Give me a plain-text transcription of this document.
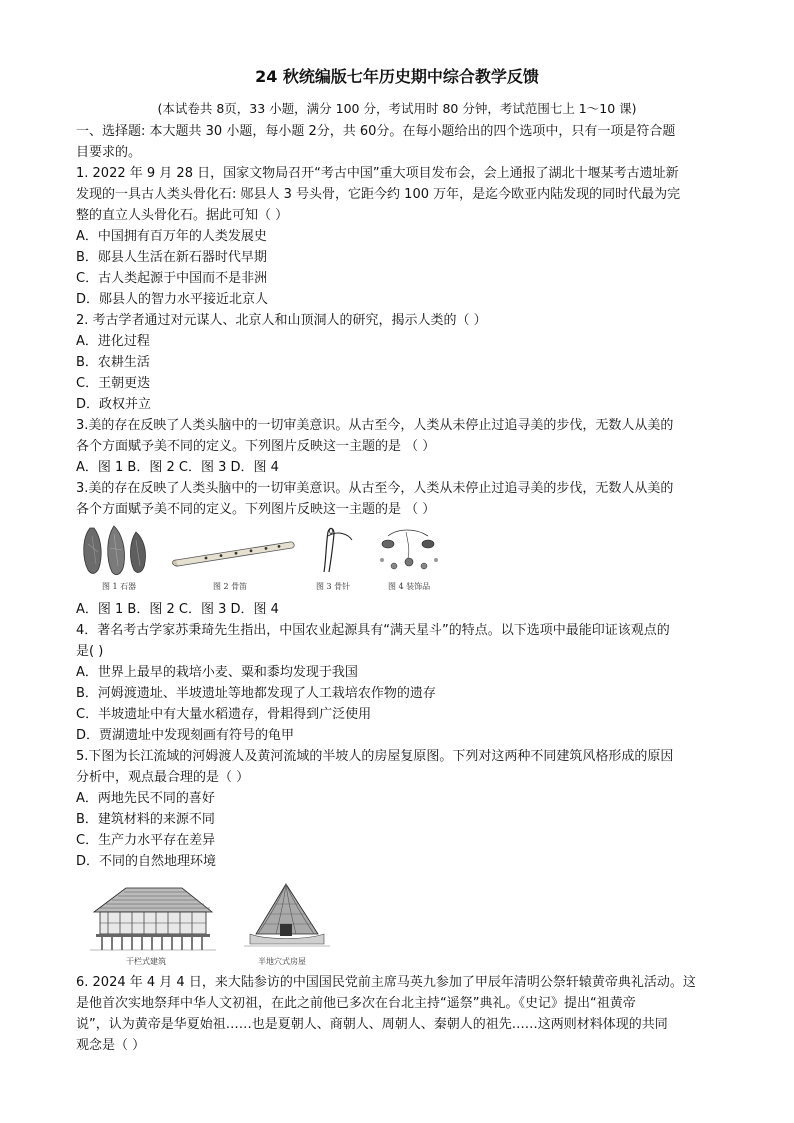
24 秋统编版七年历史期中综合教学反馈
(本试卷共 8页，33 小题，满分 100 分，考试用时 80 分钟，考试范围七上 1～10 课)
一、选择题: 本大题共 30 小题，每小题 2分，共 60分。在每小题给出的四个选项中，只有一项是符合题
目要求的。
1. 2022 年 9 月 28 日，国家文物局召开“考古中国”重大项目发布会，会上通报了湖北十堰某考古遗址新
发现的一具古人类头骨化石: 郧县人 3 号头骨，它距今约 100 万年，是迄今欧亚内陆发现的同时代最为完
整的直立人头骨化石。据此可知（ ）
A．中国拥有百万年的人类发展史
B．郧县人生活在新石器时代早期
C．古人类起源于中国而不是非洲
D．郧县人的智力水平接近北京人
2. 考古学者通过对元谋人、北京人和山顶洞人的研究，揭示人类的（ ）
A．进化过程
B．农耕生活
C．王朝更迭
D．政权并立
3.美的存在反映了人类头脑中的一切审美意识。从古至今，人类从未停止过追寻美的步伐，无数人从美的
各个方面赋予美不同的定义。下列图片反映这一主题的是 （ ）
A．图 1 B．图 2 C．图 3 D．图 4
3.美的存在反映了人类头脑中的一切审美意识。从古至今，人类从未停止过追寻美的步伐，无数人从美的
各个方面赋予美不同的定义。下列图片反映这一主题的是 （ ）
图 1 石器	图 2 骨笛	图 3 骨针	图 4 装饰品
A．图 1 B．图 2 C．图 3 D．图 4
4．著名考古学家苏秉琦先生指出，中国农业起源具有“满天星斗”的特点。以下选项中最能印证该观点的
是( )
A．世界上最早的栽培小麦、粟和黍均发现于我国
B．河姆渡遗址、半坡遗址等地都发现了人工栽培农作物的遗存
C．半坡遗址中有大量水稻遗存，骨耜得到广泛使用
D．贾湖遗址中发现刻画有符号的龟甲
5.下图为长江流域的河姆渡人及黄河流域的半坡人的房屋复原图。下列对这两种不同建筑风格形成的原因
分析中，观点最合理的是（ ）
A．两地先民不同的喜好
B．建筑材料的来源不同
C．生产力水平存在差异
D．不同的自然地理环境
干栏式建筑	半地穴式房屋
6. 2024 年 4 月 4 日，来大陆参访的中国国民党前主席马英九参加了甲辰年清明公祭轩辕黄帝典礼活动。这
是他首次实地祭拜中华人文初祖，在此之前他已多次在台北主持“遥祭”典礼。《史记》提出“祖黄帝
说”，认为黄帝是华夏始祖……也是夏朝人、商朝人、周朝人、秦朝人的祖先……这两则材料体现的共同
观念是（ ）
